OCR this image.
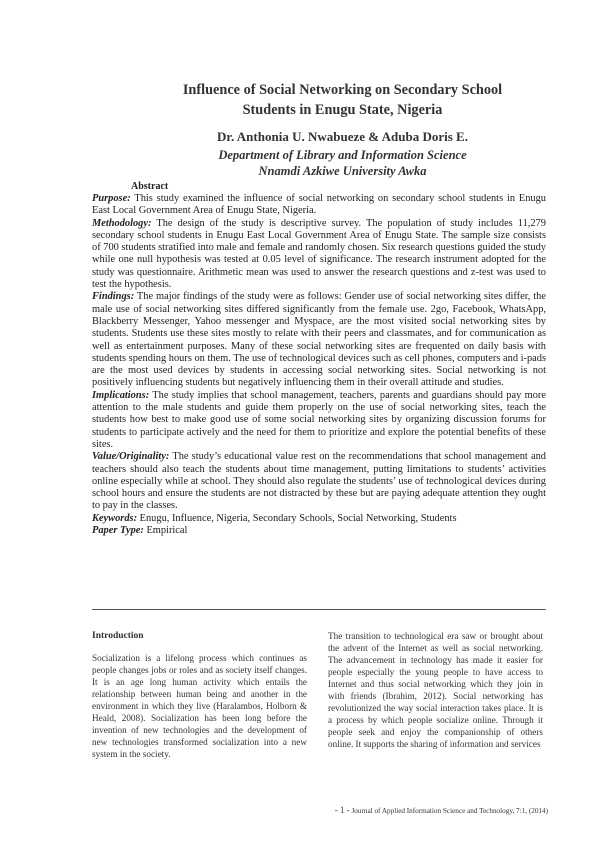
Influence of Social Networking on Secondary School
Students in Enugu State, Nigeria
Dr. Anthonia U. Nwabueze & Aduba Doris E.
Department of Library and Information Science
Nnamdi Azkiwe University Awka
Abstract

Purpose: This study examined the influence of social networking on secondary school students in Enugu East Local Government Area of Enugu State, Nigeria.

Methodology: The design of the study is descriptive survey. The population of study includes 11,279 secondary school students in Enugu East Local Government Area of Enugu State. The sample size consists of 700 students stratified into male and female and randomly chosen. Six research questions guided the study while one null hypothesis was tested at 0.05 level of significance. The research instrument adopted for the study was questionnaire. Arithmetic mean was used to answer the research questions and z-test was used to test the hypothesis.

Findings: The major findings of the study were as follows: Gender use of social networking sites differ, the male use of social networking sites differed significantly from the female use. 2go, Facebook, WhatsApp, Blackberry Messenger, Yahoo messenger and Myspace, are the most visited social networking sites by students. Students use these sites mostly to relate with their peers and classmates, and for communication as well as entertainment purposes. Many of these social networking sites are frequented on daily basis with students spending hours on them. The use of technological devices such as cell phones, computers and i-pads are the most used devices by students in accessing social networking sites. Social networking is not positively influencing students but negatively influencing them in their overall attitude and studies.

Implications: The study implies that school management, teachers, parents and guardians should pay more attention to the male students and guide them properly on the use of social networking sites, teach the students how best to make good use of some social networking sites by organizing discussion forums for students to participate actively and the need for them to prioritize and explore the potential benefits of these sites.

Value/Originality: The study’s educational value rest on the recommendations that school management and teachers should also teach the students about time management, putting limitations to students’ activities online especially while at school. They should also regulate the students’ use of technological devices during school hours and ensure the students are not distracted by these but are paying adequate attention they ought to pay in the classes.

Keywords: Enugu, Influence, Nigeria, Secondary Schools, Social Networking, Students

Paper Type: Empirical

Introduction

Socialization is a lifelong process which continues as people changes jobs or roles and as society itself changes. It is an age long human activity which entails the relationship between human being and another in the environment in which they live (Haralambos, Holborn & Heald, 2008). Socialization has been long before the invention of new technologies and the development of new technologies transformed socialization into a new system in the society.

The transition to technological era saw or brought about the advent of the Internet as well as social networking. The advancement in technology has made it easier for people especially the young people to have access to Internet and thus social networking which they join in with friends (Ibrahim, 2012). Social networking has revolutionized the way social interaction takes place. It is a process by which people socialize online. Through it people seek and enjoy the companionship of others online. It supports the sharing of information and services

- 1 - Journal of Applied Information Science and Technology, 7:1, (2014)
